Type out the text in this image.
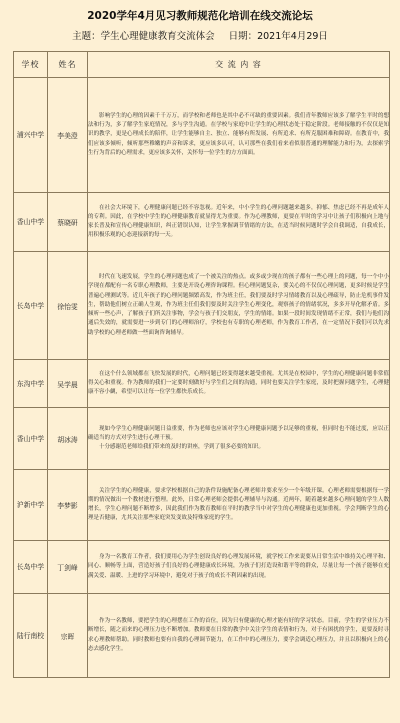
2020学年4月见习教师规范化培训在线交流论坛
主题：学生心理健康教育交流体会 日期：2021年4月29日
学校	姓名	交 流 内 容
浦兴中学	李美澄	影响学生的心理的因素千千万万，而学校和老师也是其中必不可缺的重要因素。我们青年教师应该多了解学生平时的想法和行为，多了解学生家庭情况，多与学生沟通。在学校与家庭中让学生的心理状态处于稳定阶段。老师接触的不仅仅是知识的教学，更是心理成长的陪伴，让学生能够自主、独立、能够有所发展、有所追求、有所克服困难和障碍。在教育中，我们应该多倾听，倾听那些稚嫩的声音和诉求，更应该多认可，认可那些在我们看来看似很普通的理解能力和行为，去探索学生行为背后的心理需求，更应该多关怀，关怀每一位学生的方方面面。

香山中学	蔡晓研	在社会大环境下，心理健康问题已经不容忽视。近年来，中小学生的心理问题越来越多，抑郁、焦虑已经不再是成年人的专利。因此，在学校中学生的心理健康教育就显得尤为重要。作为心理教师，更要在平时的学习中让孩子们积极向上地与家长普及和宣传心理健康知识，纠正错误认知，让学生掌握调节情绪的方法，在适当时候问题时学会自我调适，自我成长，用积极乐观的心态迎接新的每一天。

长岛中学	徐怡雯	时代在飞速发展，学生的心理问题也成了一个被关注的热点。或多或少现在的孩子都有一些心理上的问题，每一个中小学现在都配有一名专职心理教师，主要是开设心理咨询课程。但心理问题复杂，要关心的不仅仅心理问题，更多时候是学生普遍心理测试等。近几年孩子的心理问题频繁高发，作为班主任，我们要及时学习情绪教育以及心理疏导，防止危机事件发生，帮助他们树立正确人生观，作为班主任们我们要及时关注学生心理变化，观察孩子的情绪状况，多多开导化解矛盾。多倾听一些心声，了解孩子们所关注事物，学会与孩子们交朋友，学生的情绪。如果一段时间发现情绪不正常，我们与他们沟通后失效的，就需要进一步到专门的心理师治疗，学校也有专职的心理老师，作为教育工作者，在一定情况下我们可以先求助学校的心理老师做一些面询咨询辅导。

东沟中学	吴学晨	在这个什么领域都在飞快发展的时代，心理问题已经变得越来越受重视。尤其是在校园中，学生的心理健康问题非常值得关心和重视。作为教师的我们一定要时刻做好与学生们之间的沟通，同时也要关注学生家庭，及时把握问题学生，心理健康不容小觑，希望可以让每一位学生都快乐成长。

香山中学	胡冰涛	现如今学生心理健康问题日益重要，作为老师也应该对学生心理健康问题予以足够的重视，但同时也不能过度，应以正确适当的方式对学生进行心理干预。

十分感谢范老师给我们带来的及时的讲座，学到了很多必要的知识。

沪新中学	李梦影	关注学生的心理健康，要求学校根据自己的条件设施配备心理老师并要求至少一个年级开课。心理老师需要根据每一学期的情况做出一个教材进行整理。此外，日常心理老师会提供心理辅导与沟通。近两年，随着越来越多心理问题的学生人数增长，学生心理问题不断增多，因此我们作为教育教师在平时的教学当中对学生的心理健康也更加重视。学会判断学生的心理是否健康，尤其关注那些家庭突发变故及特殊家庭的学生。

长岛中学	丁剑峰	身为一名教育工作者，我们要用心为学生创设良好的心理发展环境，就学校工作来说要从日常生活中维持关心理平和、同心、顺畅等上面，营造好孩子们良好的心理健康成长环境，为孩子们打造设和谐平等的群众，尽量让每一个孩子能够在充满关爱、温暖、上进的学习环境中，避免对于孩子的成长不利因素的出现。

陆行南校	宗晖	作为一名教师，要把学生的心理摆在工作的首位，因为只有健康的心理才能有好的学习状态。目前，学生的学业压力不断增长，随之而来的心理压力也不断增加。教师要在日常的教学中关注学生的表情和行为，对于有困扰的学生，更要及时寻求心理教师帮助。同时教师也要有自我的心理调节能力，在工作中的心理压力，要学会调适心理压力，并且以积极向上的心态去感化学生。
